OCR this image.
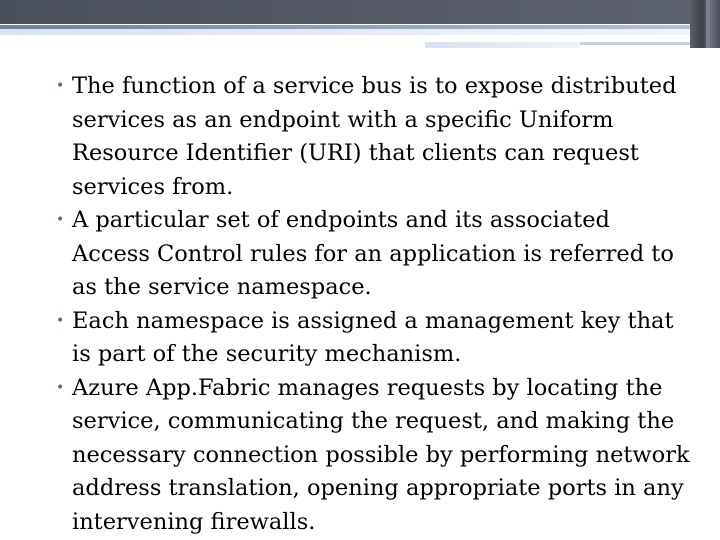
• The function of a service bus is to expose distributed services as an endpoint with a specific Uniform Resource Identifier (URI) that clients can request services from.
• A particular set of endpoints and its associated Access Control rules for an application is referred to as the service namespace.
• Each namespace is assigned a management key that is part of the security mechanism.
• Azure App.Fabric manages requests by locating the service, communicating the request, and making the necessary connection possible by performing network address translation, opening appropriate ports in any intervening firewalls.
